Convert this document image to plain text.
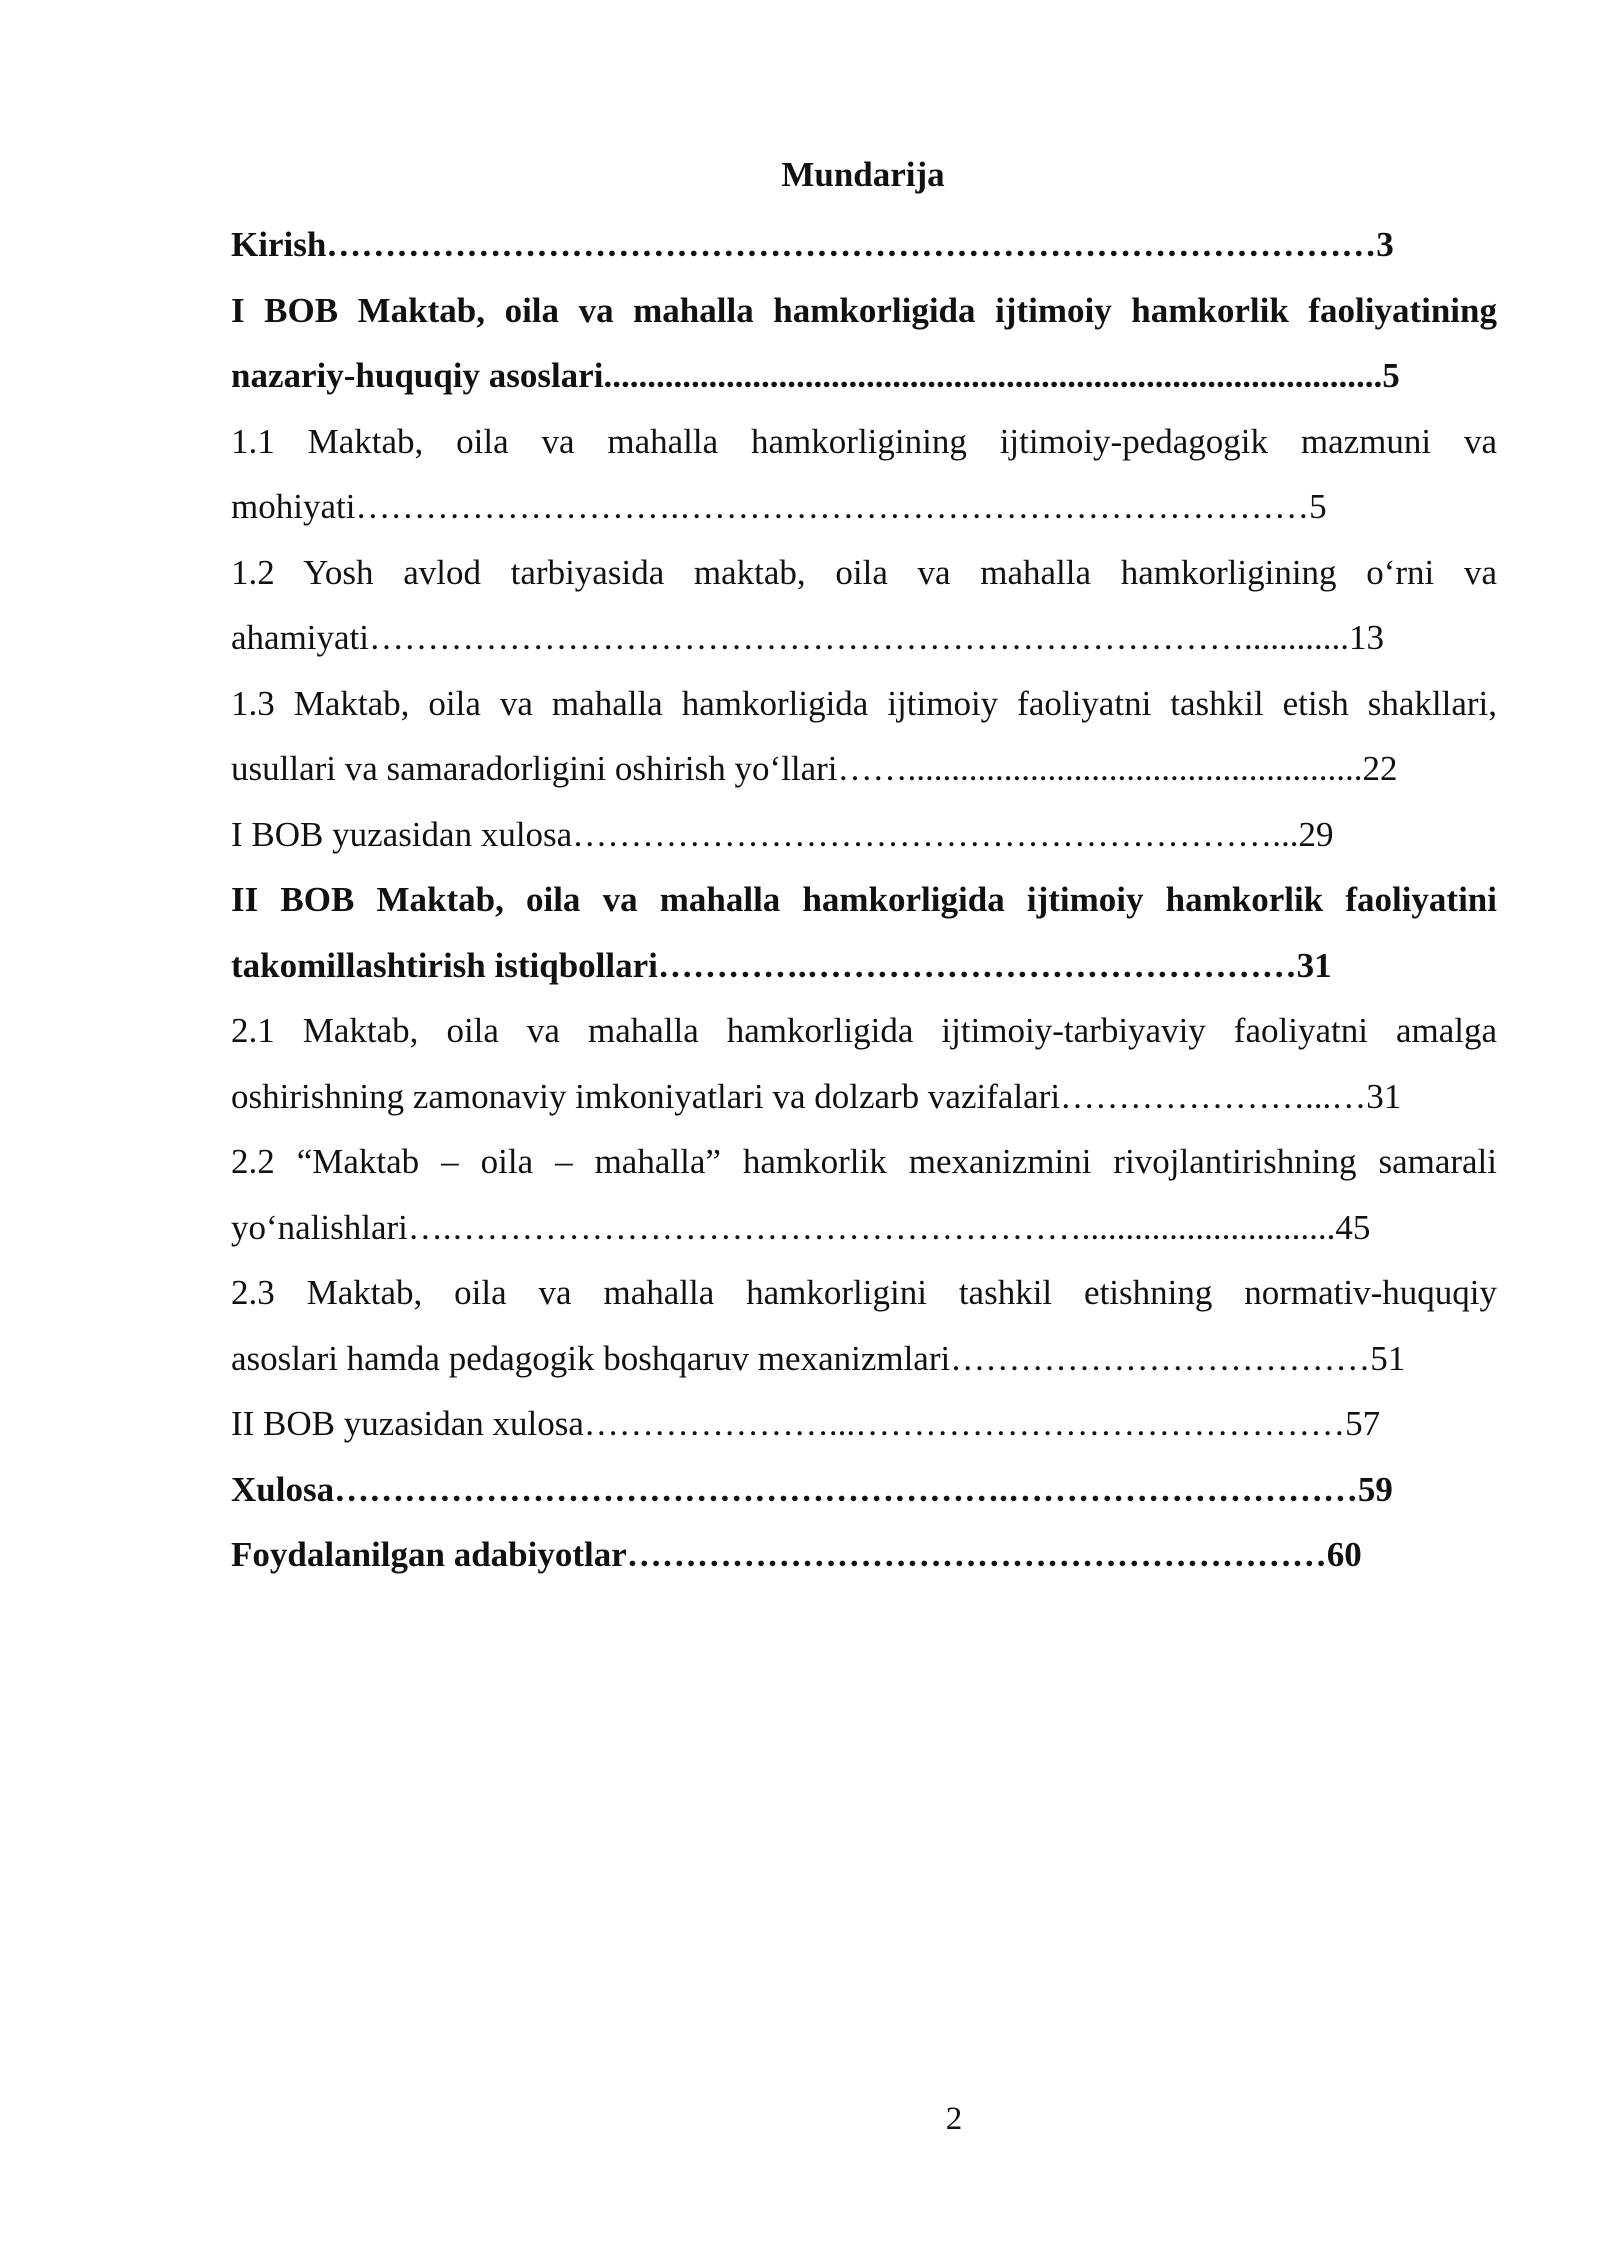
Mundarija

Kirish………………………………………………………………………………3

I BOB Maktab, oila va mahalla hamkorligida ijtimoiy hamkorlik faoliyatining
nazariy-huquqiy asoslari.........................................................................................5

1.1 Maktab, oila va mahalla hamkorligining ijtimoiy-pedagogik mazmuni va
mohiyati……………………….………………………………………………5

1.2 Yosh avlod tarbiyasida maktab, oila va mahalla hamkorligining o‘rni va
ahamiyati…………………………………………………………………............13

1.3 Maktab, oila va mahalla hamkorligida ijtimoiy faoliyatni tashkil etish shakllari,
usullari va samaradorligini oshirish yo‘llari……....................................................22

I BOB yuzasidan xulosa……………………………………………………...29

II BOB Maktab, oila va mahalla hamkorligida ijtimoiy hamkorlik faoliyatini
takomillashtirish istiqbollari………….……………………………………31

2.1 Maktab, oila va mahalla hamkorligida ijtimoiy-tarbiyaviy faoliyatni amalga
oshirishning zamonaviy imkoniyatlari va dolzarb vazifalari…………………...…31

2.2 “Maktab – oila – mahalla” hamkorlik mexanizmini rivojlantirishning samarali
yo‘nalishlari….……………………………………………….............................45

2.3 Maktab, oila va mahalla hamkorligini tashkil etishning normativ-huquqiy
asoslari hamda pedagogik boshqaruv mexanizmlari………………………………51

II BOB yuzasidan xulosa…………………...……………………………………57

Xulosa………………………………………………….…………………………59

Foydalanilgan adabiyotlar……………………………………………………60

2
